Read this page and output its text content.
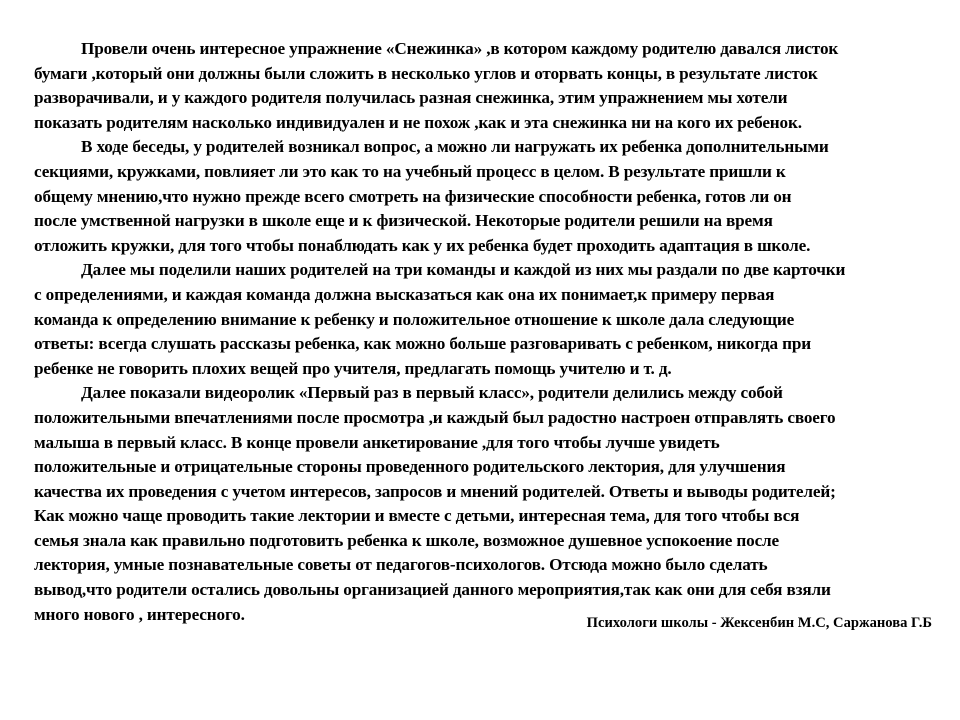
Провели очень интересное упражнение «Снежинка» ,в котором каждому родителю давался листок
бумаги ,который они должны были сложить в несколько углов и оторвать концы, в результате листок
разворачивали, и у каждого родителя получилась разная снежинка, этим упражнением мы хотели
показать родителям насколько индивидуален и не похож ,как и эта снежинка ни на кого их ребенок.
В ходе беседы, у родителей возникал вопрос, а можно ли нагружать их ребенка дополнительными
секциями, кружками, повлияет ли это как то на учебный процесс в целом. В результате пришли к
общему мнению,что нужно прежде всего смотреть на физические способности ребенка, готов ли он
после умственной нагрузки в школе еще и к физической. Некоторые родители решили на время
отложить кружки, для того чтобы понаблюдать как у их ребенка будет проходить адаптация в школе.
Далее мы поделили наших родителей на три команды и каждой из них мы раздали по две карточки
с определениями, и каждая команда должна высказаться как она их понимает,к примеру первая
команда к определению внимание к ребенку и положительное отношение к школе дала следующие
ответы: всегда слушать рассказы ребенка, как можно больше разговаривать с ребенком, никогда при
ребенке не говорить плохих вещей про учителя, предлагать помощь учителю и т. д.
Далее показали видеоролик «Первый раз в первый класс», родители делились между собой
положительными впечатлениями после просмотра ,и каждый был радостно настроен отправлять своего
малыша в первый класс. В конце провели анкетирование ,для того чтобы лучше увидеть
положительные и отрицательные стороны проведенного родительского лектория, для улучшения
качества их проведения с учетом интересов, запросов и мнений родителей. Ответы и выводы родителей;
Как можно чаще проводить такие лектории и вместе с детьми, интересная тема, для того чтобы вся
семья знала как правильно подготовить ребенка к школе, возможное душевное успокоение после
лектория, умные познавательные советы от педагогов-психологов. Отсюда можно было сделать
вывод,что родители остались довольны организацией данного мероприятия,так как они для себя взяли
много нового , интересного.	Психологи школы - Жексенбин М.С, Саржанова Г.Б
